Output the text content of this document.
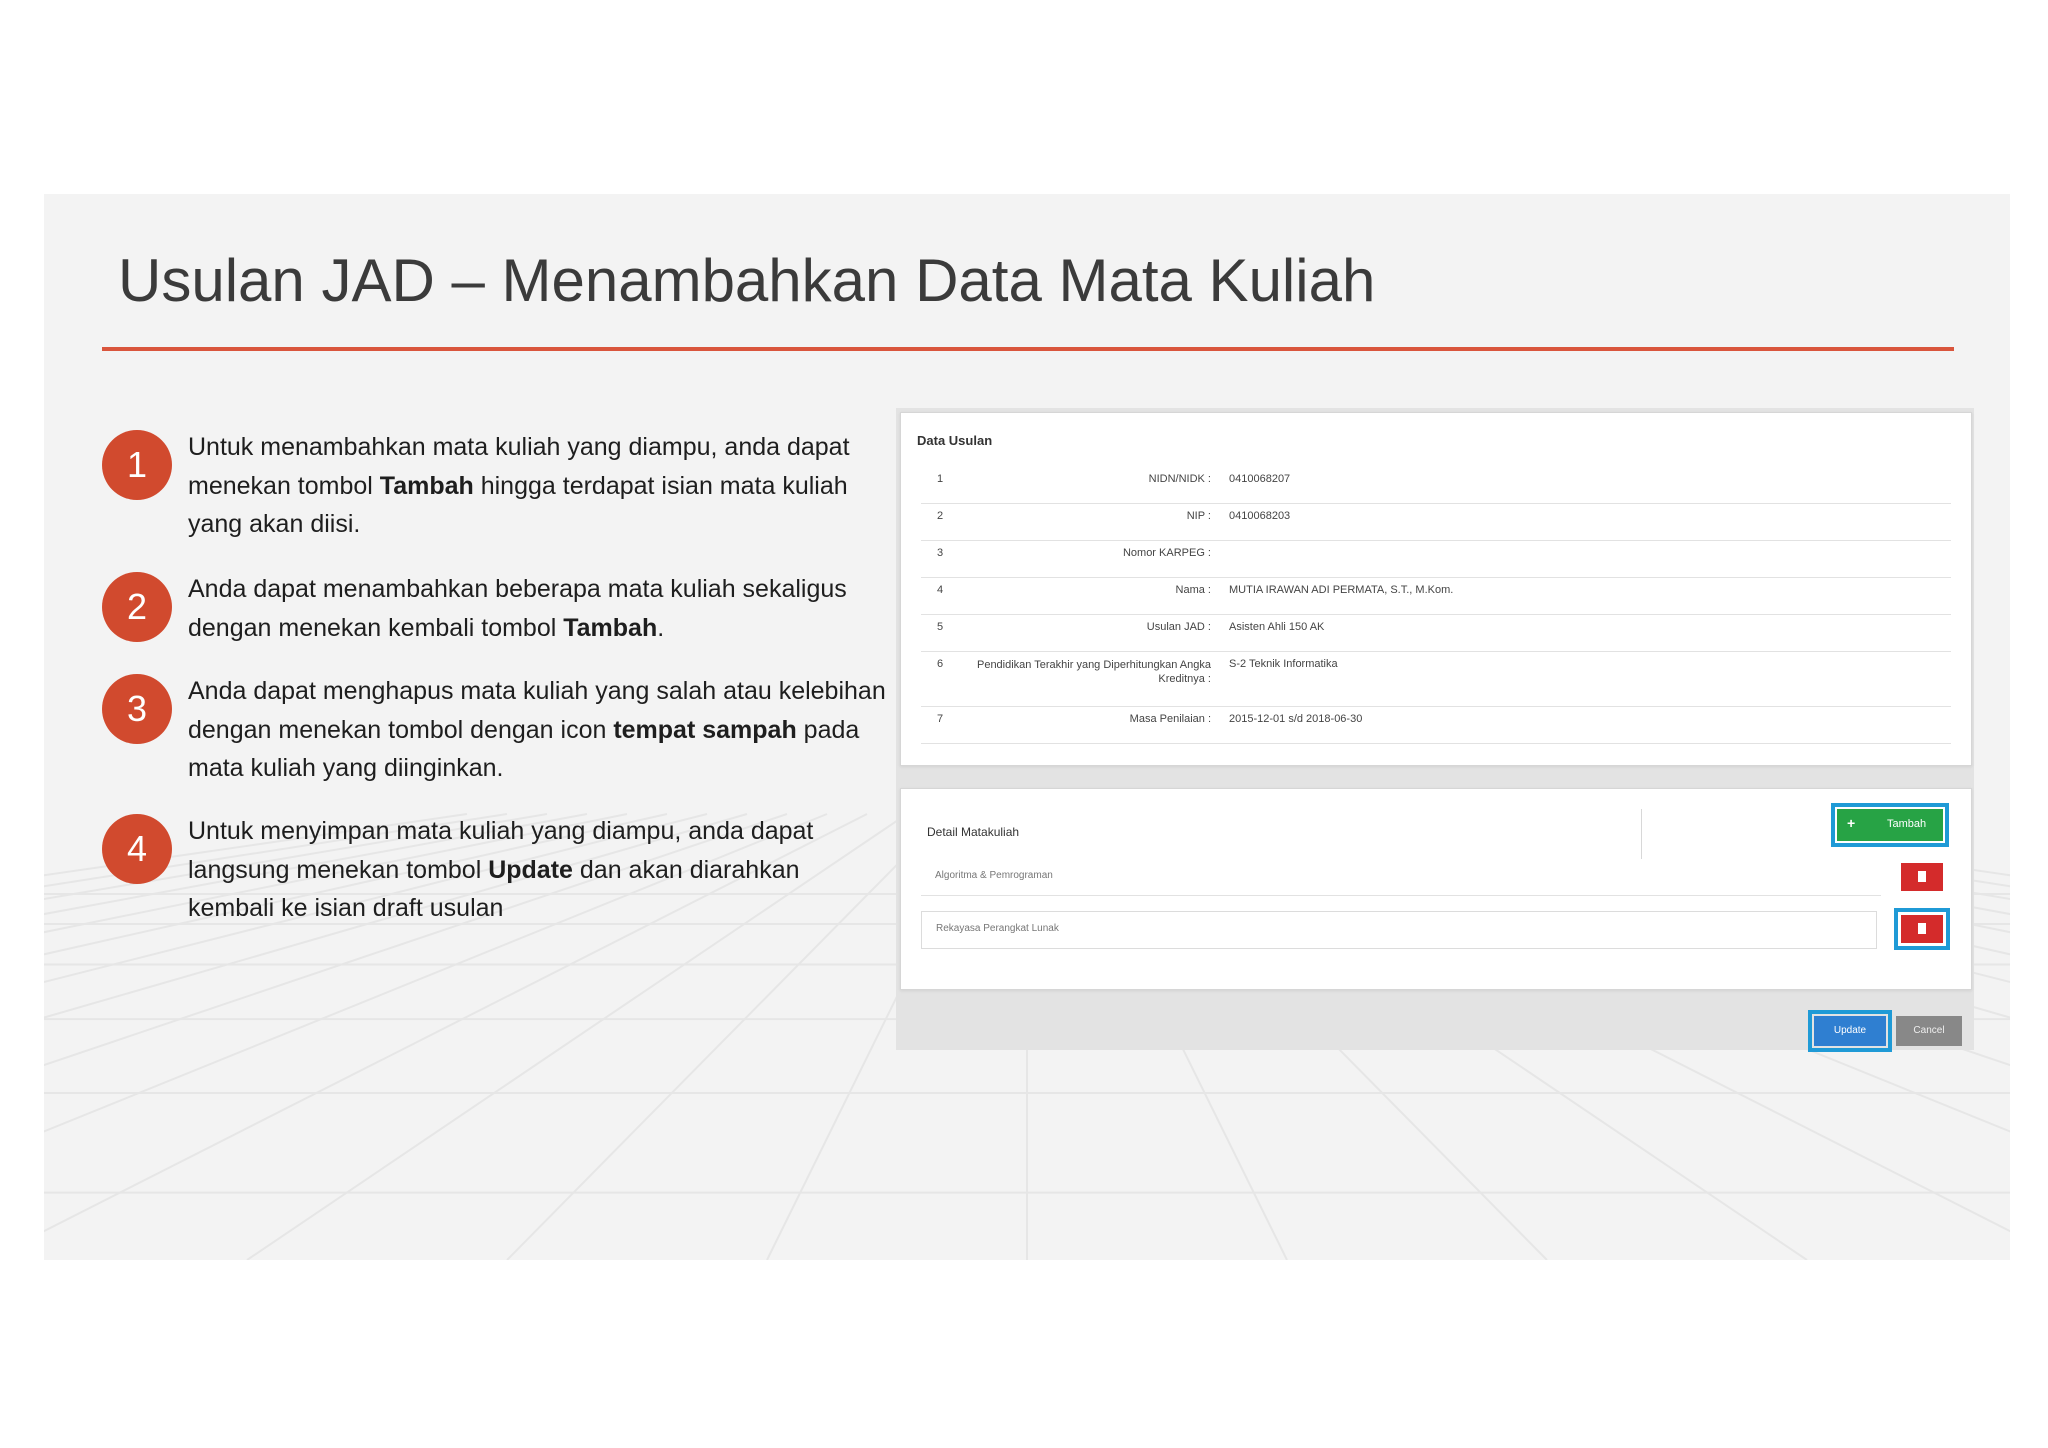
Usulan JAD – Menambahkan Data Mata Kuliah
1	Untuk menambahkan mata kuliah yang diampu, anda dapat menekan tombol Tambah hingga terdapat isian mata kuliah yang akan diisi.
2	Anda dapat menambahkan beberapa mata kuliah sekaligus dengan menekan kembali tombol Tambah.
3	Anda dapat menghapus mata kuliah yang salah atau kelebihan dengan menekan tombol dengan icon tempat sampah pada mata kuliah yang diinginkan.
4	Untuk menyimpan mata kuliah yang diampu, anda dapat langsung menekan tombol Update dan akan diarahkan kembali ke isian draft usulan
Data Usulan
1	NIDN/NIDK : 0410068207
2	NIP : 0410068203
3	Nomor KARPEG :
4	Nama : MUTIA IRAWAN ADI PERMATA, S.T., M.Kom.
5	Usulan JAD : Asisten Ahli 150 AK
6	Pendidikan Terakhir yang Diperhitungkan Angka Kreditnya :
S-2 Teknik Informatika
7	Masa Penilaian : 2015-12-01 s/d 2018-06-30
Detail Matakuliah
+	Tambah
Algoritma & Pemrograman
Rekayasa Perangkat Lunak
Update	Cancel
